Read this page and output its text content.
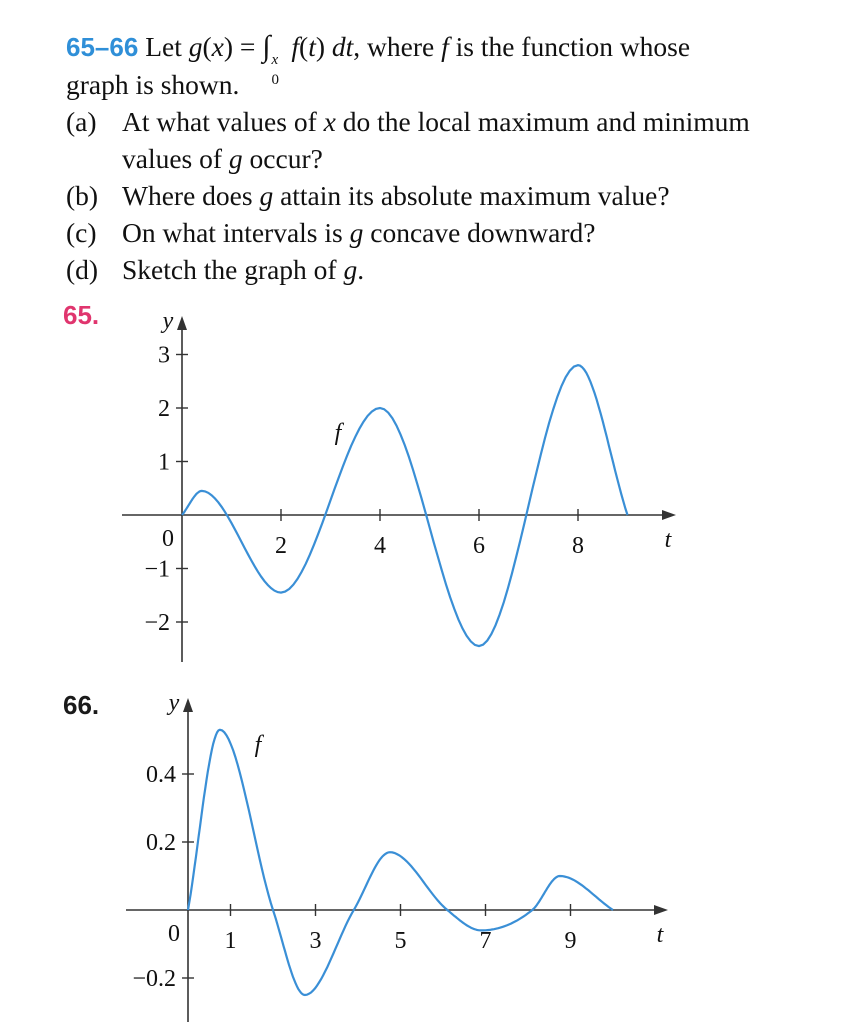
65–66 Let g(x) = ∫ x
0
f(t) dt, where f is the function whose
graph is shown.
(a) At what values of x do the local maximum and minimum
values of g occur?
(b) Where does g attain its absolute maximum value?
(c) On what intervals is g concave downward?
(d) Sketch the graph of g.
65.
66.
t
y
0	2	4	6	8
3
2
1
−1
−2
f
t
y
0 1	3	5	7	9
0.4
0.2
−0.2
f
